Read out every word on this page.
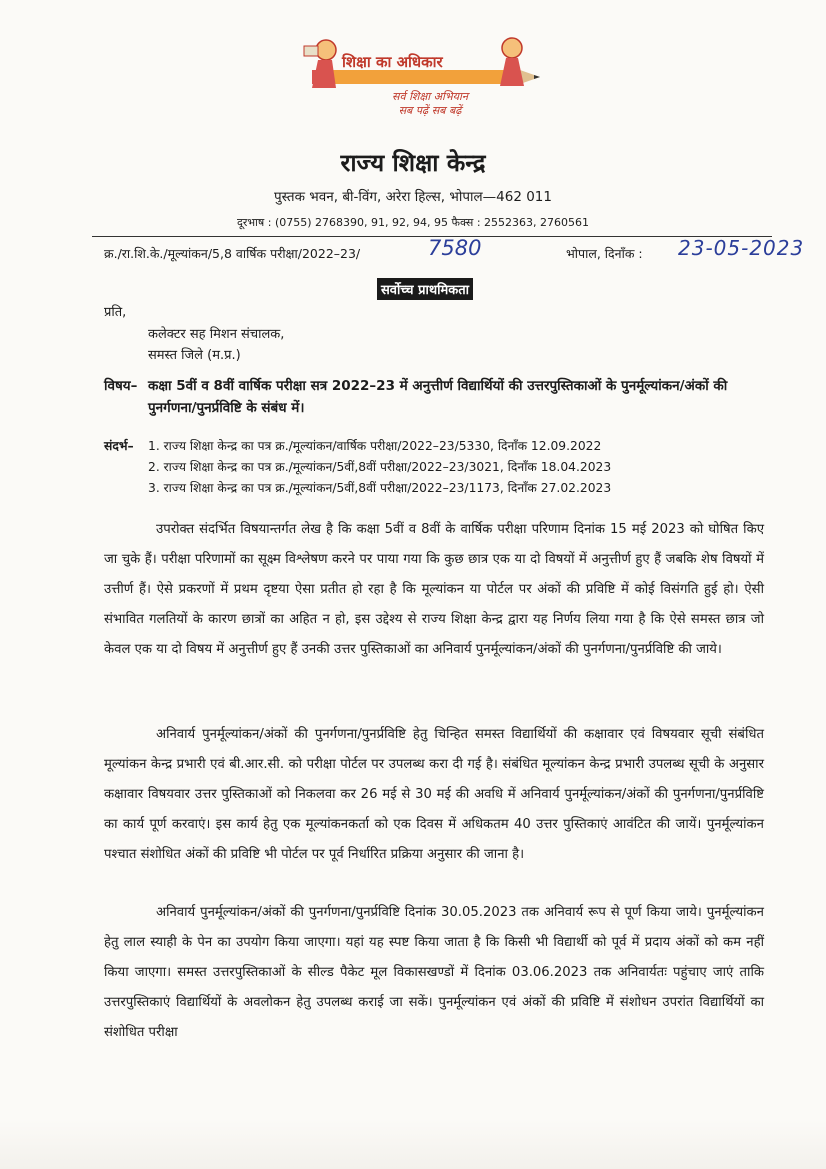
शिक्षा का अधिकार
सर्व शिक्षा अभियान
सब पढ़ें सब बढ़ें
राज्य शिक्षा केन्द्र
पुस्तक भवन, बी-विंग, अरेरा हिल्स, भोपाल—462 011
दूरभाष : (0755) 2768390, 91, 92, 94, 95 फैक्स : 2552363, 2760561
क्र./रा.शि.के./मूल्यांकन/5,8 वार्षिक परीक्षा/2022–23/	7580	भोपाल, दिनाँक : 23-05-2023
सर्वोच्च प्राथमिकता
प्रति,
कलेक्टर सह मिशन संचालक,
समस्त जिले (म.प्र.)
विषय– कक्षा 5वीं व 8वीं वार्षिक परीक्षा सत्र 2022–23 में अनुत्तीर्ण विद्यार्थियों की उत्तरपुस्तिकाओं के पुनर्मूल्यांकन/अंकों की पुनर्गणना/पुनर्प्रविष्टि के संबंध में।
संदर्भ– 1. राज्य शिक्षा केन्द्र का पत्र क्र./मूल्यांकन/वार्षिक परीक्षा/2022–23/5330, दिनाँक 12.09.2022
2. राज्य शिक्षा केन्द्र का पत्र क्र./मूल्यांकन/5वीं,8वीं परीक्षा/2022–23/3021, दिनाँक 18.04.2023
3. राज्य शिक्षा केन्द्र का पत्र क्र./मूल्यांकन/5वीं,8वीं परीक्षा/2022–23/1173, दिनाँक 27.02.2023
उपरोक्त संदर्भित विषयान्तर्गत लेख है कि कक्षा 5वीं व 8वीं के वार्षिक परीक्षा परिणाम दिनांक 15 मई 2023 को घोषित किए जा चुके हैं। परीक्षा परिणामों का सूक्ष्म विश्लेषण करने पर पाया गया कि कुछ छात्र एक या दो विषयों में अनुत्तीर्ण हुए हैं जबकि शेष विषयों में उत्तीर्ण हैं। ऐसे प्रकरणों में प्रथम दृष्टया ऐसा प्रतीत हो रहा है कि मूल्यांकन या पोर्टल पर अंकों की प्रविष्टि में कोई विसंगति हुई हो। ऐसी संभावित गलतियों के कारण छात्रों का अहित न हो, इस उद्देश्य से राज्य शिक्षा केन्द्र द्वारा यह निर्णय लिया गया है कि ऐसे समस्त छात्र जो केवल एक या दो विषय में अनुत्तीर्ण हुए हैं उनकी उत्तर पुस्तिकाओं का अनिवार्य पुनर्मूल्यांकन/अंकों की पुनर्गणना/पुनर्प्रविष्टि की जाये।
अनिवार्य पुनर्मूल्यांकन/अंकों की पुनर्गणना/पुनर्प्रविष्टि हेतु चिन्हित समस्त विद्यार्थियों की कक्षावार एवं विषयवार सूची संबंधित मूल्यांकन केन्द्र प्रभारी एवं बी.आर.सी. को परीक्षा पोर्टल पर उपलब्ध करा दी गई है। संबंधित मूल्यांकन केन्द्र प्रभारी उपलब्ध सूची के अनुसार कक्षावार विषयवार उत्तर पुस्तिकाओं को निकलवा कर 26 मई से 30 मई की अवधि में अनिवार्य पुनर्मूल्यांकन/अंकों की पुनर्गणना/पुनर्प्रविष्टि का कार्य पूर्ण करवाएं। इस कार्य हेतु एक मूल्यांकनकर्ता को एक दिवस में अधिकतम 40 उत्तर पुस्तिकाएं आवंटित की जायें। पुनर्मूल्यांकन पश्चात संशोधित अंकों की प्रविष्टि भी पोर्टल पर पूर्व निर्धारित प्रक्रिया अनुसार की जाना है।
अनिवार्य पुनर्मूल्यांकन/अंकों की पुनर्गणना/पुनर्प्रविष्टि दिनांक 30.05.2023 तक अनिवार्य रूप से पूर्ण किया जाये। पुनर्मूल्यांकन हेतु लाल स्याही के पेन का उपयोग किया जाएगा। यहां यह स्पष्ट किया जाता है कि किसी भी विद्यार्थी को पूर्व में प्रदाय अंकों को कम नहीं किया जाएगा। समस्त उत्तरपुस्तिकाओं के सील्ड पैकेट मूल विकासखण्डों में दिनांक 03.06.2023 तक अनिवार्यतः पहुंचाए जाएं ताकि उत्तरपुस्तिकाएं विद्यार्थियों के अवलोकन हेतु उपलब्ध कराई जा सकें। पुनर्मूल्यांकन एवं अंकों की प्रविष्टि में संशोधन उपरांत विद्यार्थियों का संशोधित परीक्षा
